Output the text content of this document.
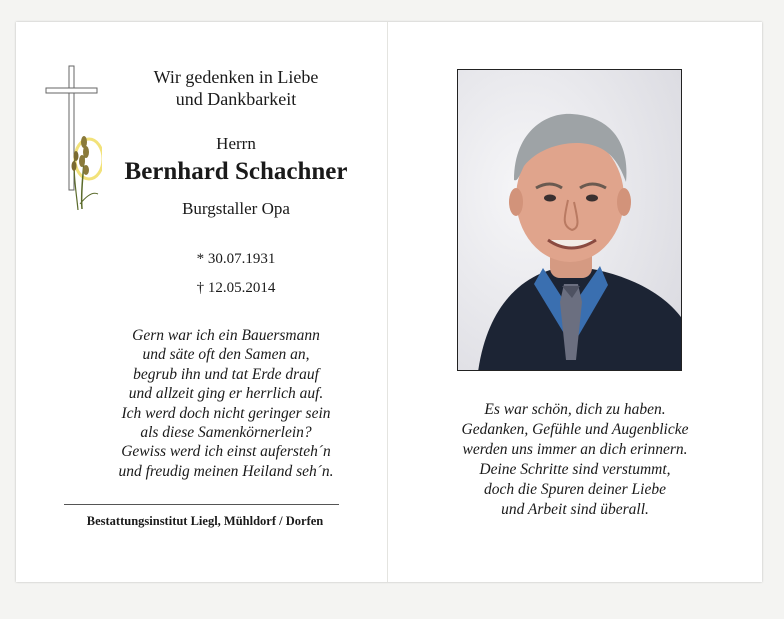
Wir gedenken in Liebe
und Dankbarkeit
Herrn
Bernhard Schachner
Burgstaller Opa
* 30.07.1931
† 12.05.2014
Gern war ich ein Bauersmann
und säte oft den Samen an,
begrub ihn und tat Erde drauf
und allzeit ging er herrlich auf.
Ich werd doch nicht geringer sein
als diese Samenkörnerlein?
Gewiss werd ich einst aufersteh´n
und freudig meinen Heiland seh´n.
Bestattungsinstitut Liegl, Mühldorf / Dorfen
Es war schön, dich zu haben.
Gedanken, Gefühle und Augenblicke
werden uns immer an dich erinnern.
Deine Schritte sind verstummt,
doch die Spuren deiner Liebe
und Arbeit sind überall.
